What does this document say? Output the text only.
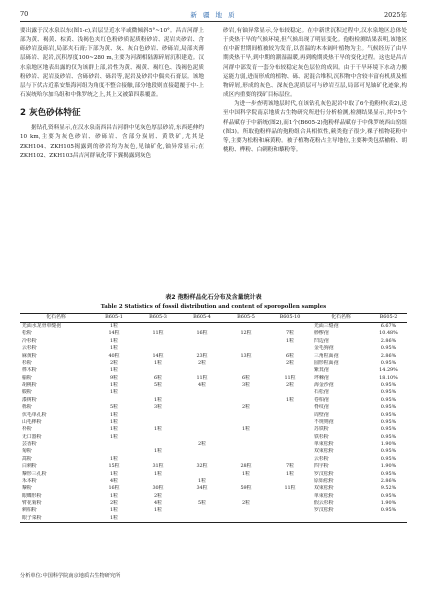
70	新 疆 地 质	2025年

要出露于汉水泉以东(图1-c),岩层呈近水平或微倾斜5°~10°。昌吉河群上部为黄、褐黄、棕黄、浅褐色夹红色粉砂质泥质粉砂岩、泥岩夹砂岩、含砾砂岩及砾岩,局部夹石膏;下部为黄、灰、灰白色砂岩、砂砾岩,局部夹薄层砾岩、泥岩,沉积厚度100~280 m,主要为河湖相陆源碎屑沉积建造。汉水泉地区地表出露的仅为该群上部,岩性为黄、褐黄、褐红色、浅褐色泥质粉砂岩、泥岩及砂岩、含砾砂岩、砾岩等,泥岩及砂岩中偶夹石膏层。该地层与下伏古近系安集海河组为角度不整合接触,部分地段则直接超覆于中-上石炭统哈尔加乌组和中侏罗统之上,其上又被第四系覆盖。

2 灰色砂体特征

据钻孔资料显示,在汉水泉南西昌吉河群中见灰色厚层砂岩,东西延伸约10 km,主要为灰色砂岩、砂砾岩、含部分炭屑、黄铁矿,尤其是ZKH104、ZKH105揭露到的砂岩均为灰色,见铀矿化,铀异常显示;在ZKH102、ZKH103昌吉河群氧化带下翼揭露到灰色

砂岩,有铀异常显示,分布较稳定。在中新世沉积过程中,汉水泉地区总体处于炎热干旱的气候环境,但气候出现了明显变化。孢粉检测结果表明,该地区在中新世期间植被较为发育,以喜温的木本阔叶植物为主。气候经历了由早期炎热干旱,到中期的潮湿温暖,再到晚期炎热干旱的变化过程。这也是昌吉河群中部发育一套分布较稳定灰色层位的成因。由于干旱环境下水动力搬运能力弱,进而形成的植物、砾、泥混合堆积,沉积物中含较丰富有机质及植物碎屑,形成的灰色、深灰色泥质层可与砂岩互层,局部可见铀矿化迹象,构成区内重要的找矿目标层位。

为进一步查明该地层时代,在该钻孔灰色泥岩中取了6个孢粉样(表2),送至中国科学院南京地质古生物研究所进行分析检测,检测结果显示,其中5个样品赋存于中新统(图2),而1个(B605-2)孢粉样品赋存于中侏罗统西山窑组(图3)。所取孢粉样品的孢粉组合具相似性,蕨类孢子很少,裸子植物花粉中等,主要为松粉和麻黄粉。被子植物花粉占主导地位,主要种类包括榆粉、胡桃粉、桦粉、白刺粉和藜粉等。

表2 孢粉样品化石分布及含量统计表
Table 2 Statistics of fossil distribution and content of sporopollen samples
化石名称	B605-1	B605-3	B605-4	B605-5	B605-10	化石名称	B605-2
光面水龙骨单缝孢	1粒					光面三缝孢	6.67%
松粉	14粒	11粒	16粒	12粒	7粒	桫椤孢	10.48%
冷杉粉	1粒				1粒	凹边孢	2.86%
云杉粉	1粒					金毛狗孢	0.95%
麻黄粉	40粒	14粒	23粒	13粒	6粒	三角粒面孢	2.86%
杉粉	2粒	1粒	2粒		2粒	圆形粒面孢	0.95%
桦木粉	1粒					紫萁孢	14.29%
榆粉	9粒	6粒	11粒	6粒	11粒	坪棘孢	18.10%
胡桃粉	1粒	5粒	4粒	3粒	2粒	海金沙孢	0.95%
椴粉	1粒					石松孢	0.95%
漆树粉		1粒			1粒	卷柏孢	0.95%
栎粉	5粒	3粒		2粒		脊纹孢	0.95%
伏毛单孔粉	1粒					周壁孢	0.95%
山毛榉粉	1粒					不规则孢	0.95%
朴粉	1粒	1粒		1粒		苏铁粉	0.95%
无口器粉	1粒					铁杉粉	0.95%
芸香粉			2粒			单束松粉	1.90%
菊粉		1粒				双束松粉	0.95%
蒿粉	1粒					云杉粉	0.95%
白刺粉	15粒	31粒	32粒	28粒	7粒	四字粉	1.90%
藜形三孔粉	1粒	1粒		1粒	1粒	罗汉松粉	0.95%
禾本粉	4粒		1粒			原始松粉	2.86%
藜粉	16粒	30粒	34粒	59粒	11粒	双束松粉	9.52%
眼蝶形粉	1粒	2粒				单束松粉	0.95%
臂花菊粉	2粒	4粒	5粒	2粒		假云杉粉	1.90%
刺柏粉	1粒	1粒				罗汉松粉	0.95%
眼子菜粉	1粒						
分析单位:中国科学院南京地质古生物研究所
